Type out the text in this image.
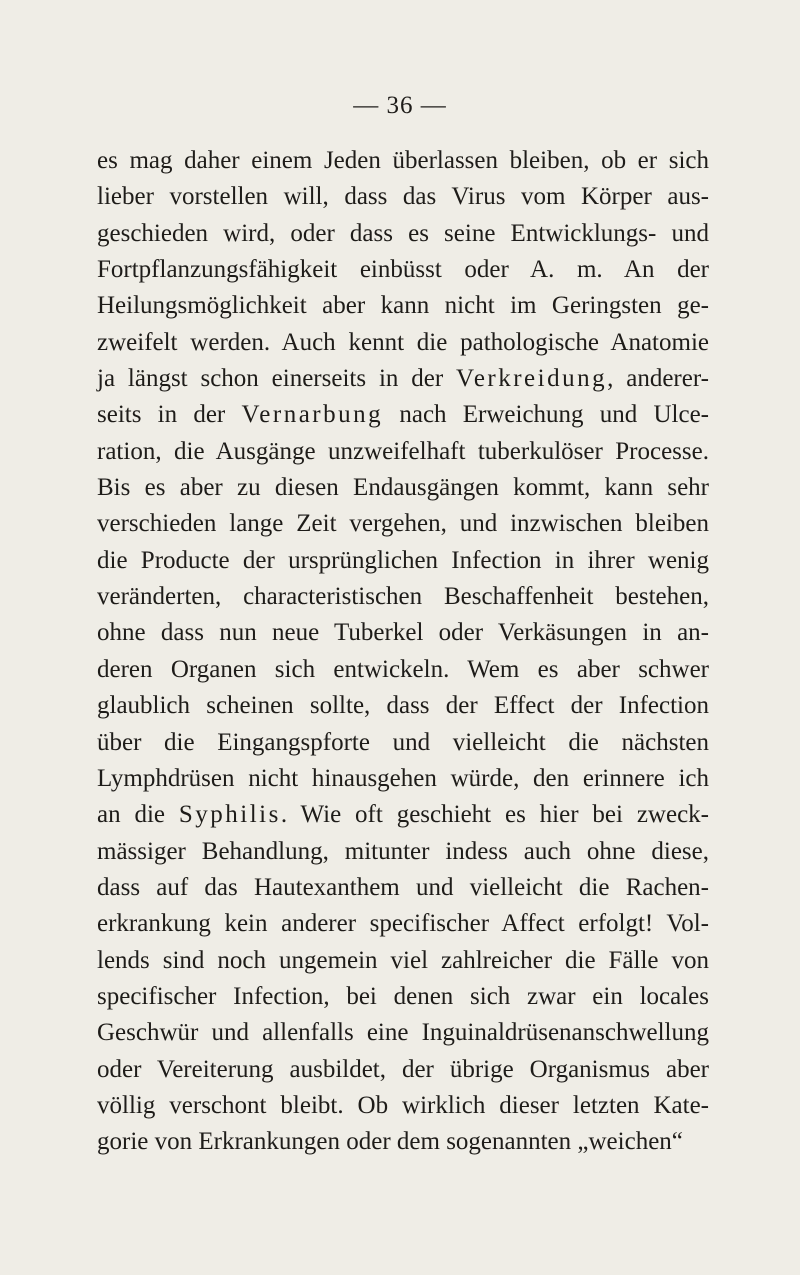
— 36 —
es mag daher einem Jeden überlassen bleiben, ob er sich
lieber vorstellen will, dass das Virus vom Körper aus-
geschieden wird, oder dass es seine Entwicklungs- und
Fortpflanzungsfähigkeit einbüsst oder A. m. An der
Heilungsmöglichkeit aber kann nicht im Geringsten ge-
zweifelt werden. Auch kennt die pathologische Anatomie
ja längst schon einerseits in der Verkreidung, anderer-
seits in der Vernarbung nach Erweichung und Ulce-
ration, die Ausgänge unzweifelhaft tuberkulöser Processe.
Bis es aber zu diesen Endausgängen kommt, kann sehr
verschieden lange Zeit vergehen, und inzwischen bleiben
die Producte der ursprünglichen Infection in ihrer wenig
veränderten, characteristischen Beschaffenheit bestehen,
ohne dass nun neue Tuberkel oder Verkäsungen in an-
deren Organen sich entwickeln. Wem es aber schwer
glaublich scheinen sollte, dass der Effect der Infection
über die Eingangspforte und vielleicht die nächsten
Lymphdrüsen nicht hinausgehen würde, den erinnere ich
an die Syphilis. Wie oft geschieht es hier bei zweck-
mässiger Behandlung, mitunter indess auch ohne diese,
dass auf das Hautexanthem und vielleicht die Rachen-
erkrankung kein anderer specifischer Affect erfolgt! Vol-
lends sind noch ungemein viel zahlreicher die Fälle von
specifischer Infection, bei denen sich zwar ein locales
Geschwür und allenfalls eine Inguinaldrüsenanschwellung
oder Vereiterung ausbildet, der übrige Organismus aber
völlig verschont bleibt. Ob wirklich dieser letzten Kate-
gorie von Erkrankungen oder dem sogenannten „weichen“
